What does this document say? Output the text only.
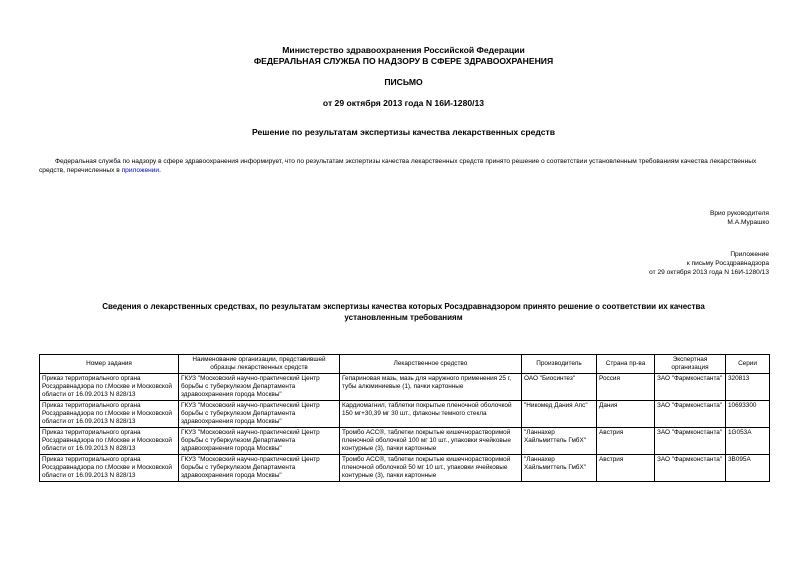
Министерство здравоохранения Российской Федерации
ФЕДЕРАЛЬНАЯ СЛУЖБА ПО НАДЗОРУ В СФЕРЕ ЗДРАВООХРАНЕНИЯ
ПИСЬМО
от 29 октября 2013 года N 16И-1280/13
Решение по результатам экспертизы качества лекарственных средств
Федеральная служба по надзору в сфере здравоохранения информирует, что по результатам экспертизы качества лекарственных средств принято решение о соответствии установленным требованиям качества лекарственных средств, перечисленных в приложении.
Врио руководителя
М.А.Мурашко
Приложение
к письму Росздравнадзора
от 29 октября 2013 года N 16И-1280/13
Сведения о лекарственных средствах, по результатам экспертизы качества которых Росздравнадзором принято решение о соответствии их качества
установленным требованиям
Номер задания	Наименование организации, представившей образцы лекарственных средств	Лекарственное средство	Производитель	Страна пр-ва	Экспертная организация	Серии
Приказ территориального органа Росздравнадзора по г.Москве и Московской области от 16.09.2013 N 828/13	ГКУЗ "Московский научно-практический Центр борьбы с туберкулезом Департамента здравоохранения города Москвы"	Гепариновая мазь, мазь для наружного применения 25 г, тубы алюминиевые (1), пачки картонные	ОАО "Биосинтез"	Россия	ЗАО "Фармконстанта"	320813
Приказ территориального органа Росздравнадзора по г.Москве и Московской области от 16.09.2013 N 828/13	ГКУЗ "Московский научно-практический Центр борьбы с туберкулезом Департамента здравоохранения города Москвы"	Кардиомагнил, таблетки покрытые пленочной оболочкой 150 мг+30,39 мг 30 шт., флаконы темного стекла	"Никомед Дания Апс"	Дания	ЗАО "Фармконстанта"	10693300
Приказ территориального органа Росздравнадзора по г.Москве и Московской области от 16.09.2013 N 828/13	ГКУЗ "Московский научно-практический Центр борьбы с туберкулезом Департамента здравоохранения города Москвы"	Тромбо АСС®, таблетки покрытые кишечнорастворимой пленочной оболочкой 100 мг 10 шт., упаковки ячейковые контурные (3), пачки картонные	"Ланнахер Хайльмиттель ГмбХ"	Австрия	ЗАО "Фармконстанта"	1G053A
Приказ территориального органа Росздравнадзора по г.Москве и Московской области от 16.09.2013 N 828/13	ГКУЗ "Московский научно-практический Центр борьбы с туберкулезом Департамента здравоохранения города Москвы"	Тромбо АСС®, таблетки покрытые кишечнорастворимой пленочной оболочкой 50 мг 10 шт., упаковки ячейковые контурные (3), пачки картонные	"Ланнахер Хайльмиттель ГмбХ"	Австрия	ЗАО "Фармконстанта"	3B095A
